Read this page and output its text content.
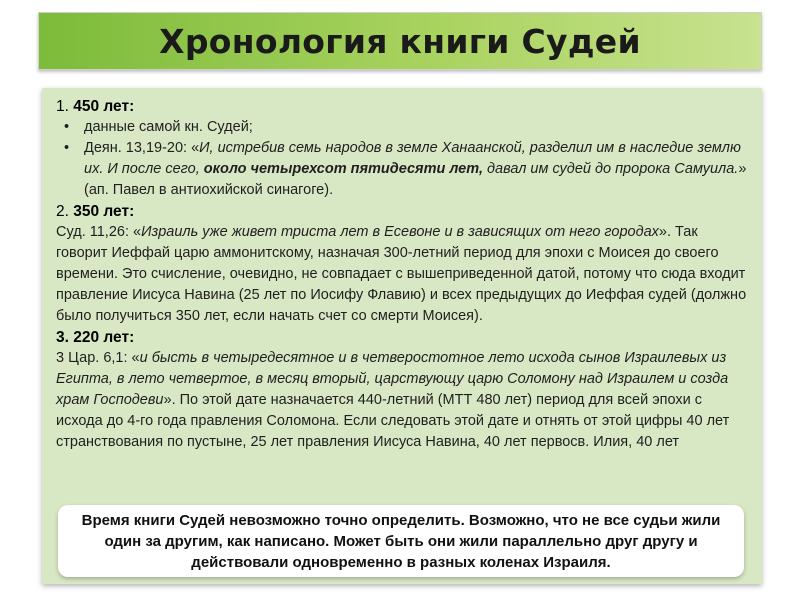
Хронология книги Судей
1. 450 лет:
• данные самой кн. Судей;
• Деян. 13,19-20: «И, истребив семь народов в земле Ханаанской, разделил им в наследие землю их. И после сего, около четырехсот пятидесяти лет, давал им судей до пророка Самуила.» (ап. Павел в антиохийской синагоге).
2. 350 лет:

Суд. 11,26: «Израиль уже живет триста лет в Есевоне и в зависящих от него городах». Так говорит Иеффай царю аммонитскому, назначая 300-летний период для эпохи с Моисея до своего времени. Это счисление, очевидно, не совпадает с вышеприведенной датой, потому что сюда входит правление Иисуса Навина (25 лет по Иосифу Флавию) и всех предыдущих до Иеффая судей (должно было получиться 350 лет, если начать счет со смерти Моисея).

3. 220 лет:

3 Цар. 6,1: «и бысть в четыредесятное и в четверостотное лето исхода сынов Израилевых из Египта, в лето четвертое, в месяц вторый, царствующу царю Соломону над Израилем и созда храм Господеви». По этой дате назначается 440-летний (МТТ 480 лет) период для всей эпохи с исхода до 4-го года правления Соломона. Если следовать этой дате и отнять от этой цифры 40 лет странствования по пустыне, 25 лет правления Иисуса Навина, 40 лет первосв. Илия, 40 лет

Время книги Судей невозможно точно определить. Возможно, что не все судьи жили один за другим, как написано. Может быть они жили параллельно друг другу и действовали одновременно в разных коленах Израиля.
